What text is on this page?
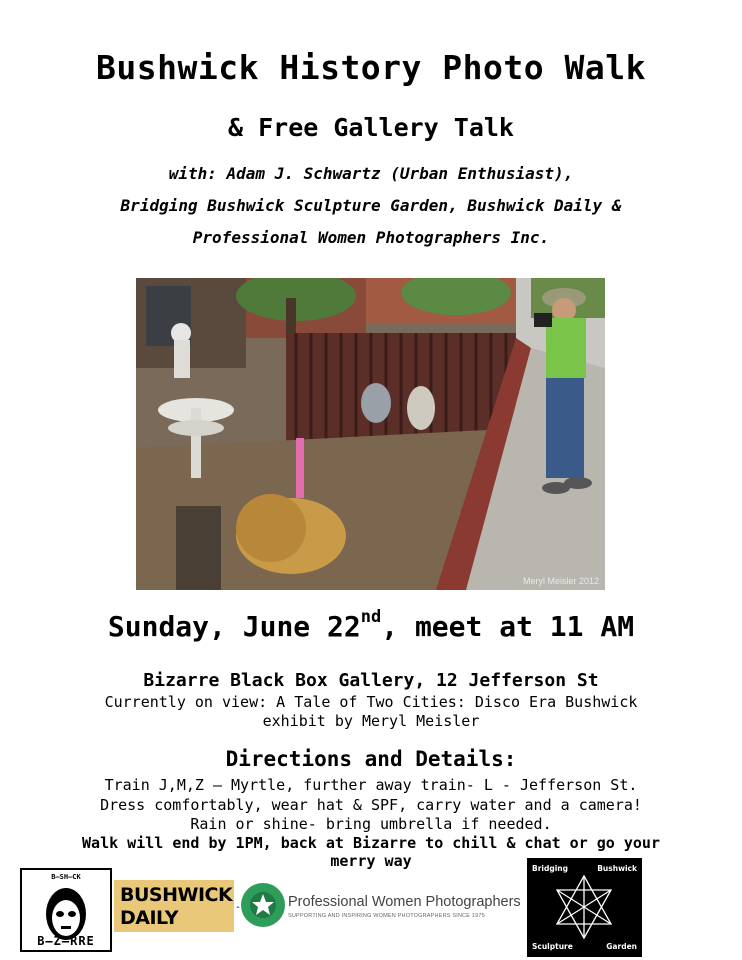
Bushwick History Photo Walk
& Free Gallery Talk
with: Adam J. Schwartz (Urban Enthusiast),
Bridging Bushwick Sculpture Garden, Bushwick Daily &
Professional Women Photographers Inc.
Meryl Meisler 2012
Sunday, June 22nd, meet at 11 AM
Bizarre Black Box Gallery, 12 Jefferson St
Currently on view: A Tale of Two Cities: Disco Era Bushwick
exhibit by Meryl Meisler
Directions and Details:
Train J,M,Z – Myrtle, further away train- L - Jefferson St.
Dress comfortably, wear hat & SPF, carry water and a camera!
Rain or shine- bring umbrella if needed.
Walk will end by 1PM, back at Bizarre to chill & chat or go your
merry way
B—SH—CK
B—Z—RRE
BUSHWICK
DAILY	-	Professional Women Photographers
SUPPORTING AND INSPIRING WOMEN PHOTOGRAPHERS SINCE 1975
Bridging	Bushwick
Sculpture	Garden
